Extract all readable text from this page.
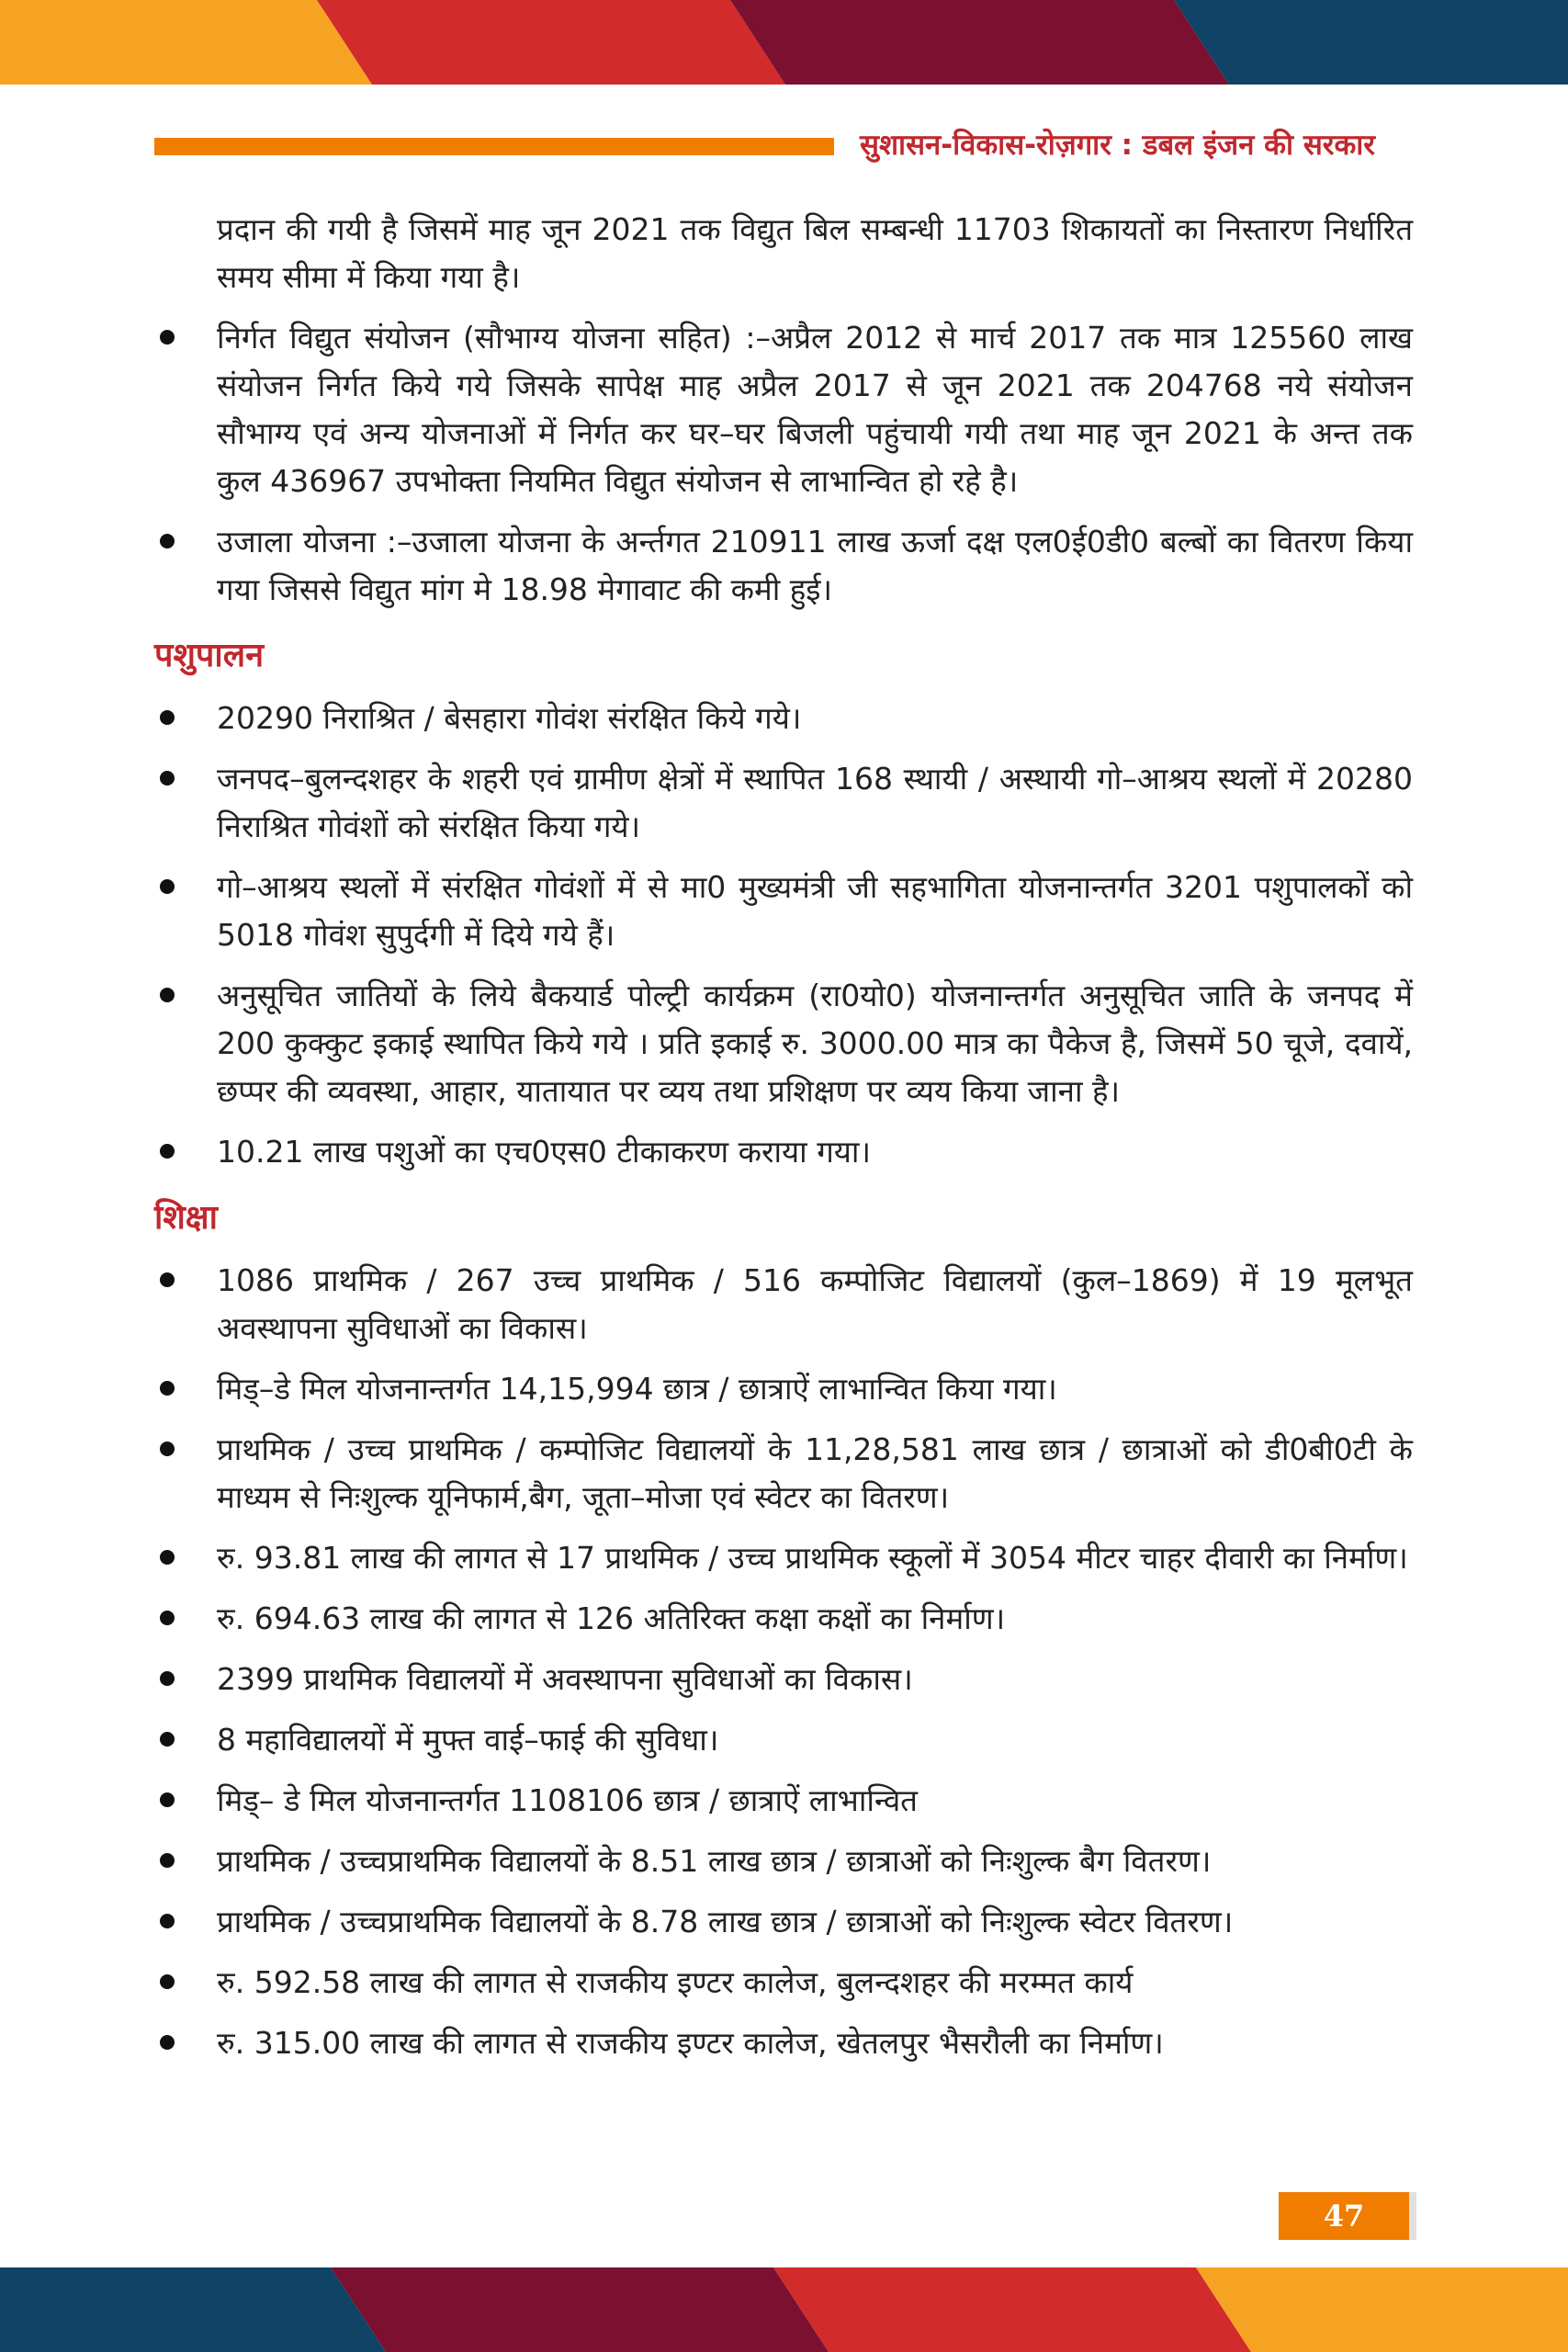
सुशासन-विकास-रोज़गार : डबल इंजन की सरकार

प्रदान की गयी है जिसमें माह जून 2021 तक विद्युत बिल सम्बन्धी 11703 शिकायतों का निस्तारण निर्धारित समय सीमा में किया गया है।

निर्गत विद्युत संयोजन (सौभाग्य योजना सहित) :–अप्रैल 2012 से मार्च 2017 तक मात्र 125560 लाख संयोजन निर्गत किये गये जिसके सापेक्ष माह अप्रैल 2017 से जून 2021 तक 204768 नये संयोजन सौभाग्य एवं अन्य योजनाओं में निर्गत कर घर–घर बिजली पहुंचायी गयी तथा माह जून 2021 के अन्त तक कुल 436967 उपभोक्ता नियमित विद्युत संयोजन से लाभान्वित हो रहे है।
उजाला योजना :–उजाला योजना के अर्न्तगत 210911 लाख ऊर्जा दक्ष एल0ई0डी0 बल्बों का वितरण किया गया जिससे विद्युत मांग मे 18.98 मेगावाट की कमी हुई।
पशुपालन
20290 निराश्रित / बेसहारा गोवंश संरक्षित किये गये।
जनपद–बुलन्दशहर के शहरी एवं ग्रामीण क्षेत्रों में स्थापित 168 स्थायी / अस्थायी गो–आश्रय स्थलों में 20280 निराश्रित गोवंशों को संरक्षित किया गये।
गो–आश्रय स्थलों में संरक्षित गोवंशों में से मा0 मुख्यमंत्री जी सहभागिता योजनान्तर्गत 3201 पशुपालकों को 5018 गोवंश सुपुर्दगी में दिये गये हैं।
अनुसूचित जातियों के लिये बैकयार्ड पोल्ट्री कार्यक्रम (रा0यो0) योजनान्तर्गत अनुसूचित जाति के जनपद में 200 कुक्कुट इकाई स्थापित किये गये । प्रति इकाई रु. 3000.00 मात्र का पैकेज है, जिसमें 50 चूजे, दवायें, छप्पर की व्यवस्था, आहार, यातायात पर व्यय तथा प्रशिक्षण पर व्यय किया जाना है।
10.21 लाख पशुओं का एच0एस0 टीकाकरण कराया गया।
शिक्षा
1086 प्राथमिक / 267 उच्च प्राथमिक / 516 कम्पोजिट विद्यालयों (कुल–1869) में 19 मूलभूत अवस्थापना सुविधाओं का विकास।
मिड्–डे मिल योजनान्तर्गत 14,15,994 छात्र / छात्राऐं लाभान्वित किया गया।
प्राथमिक / उच्च प्राथमिक / कम्पोजिट विद्यालयों के 11,28,581 लाख छात्र / छात्राओं को डी0बी0टी के माध्यम से निःशुल्क यूनिफार्म,बैग, जूता–मोजा एवं स्वेटर का वितरण।
रु. 93.81 लाख की लागत से 17 प्राथमिक / उच्च प्राथमिक स्कूलों में 3054 मीटर चाहर दीवारी का निर्माण।
रु. 694.63 लाख की लागत से 126 अतिरिक्त कक्षा कक्षों का निर्माण।
2399 प्राथमिक विद्यालयों में अवस्थापना सुविधाओं का विकास।
8 महाविद्यालयों में मुफ्त वाई–फाई की सुविधा।
मिड्– डे मिल योजनान्तर्गत 1108106 छात्र / छात्राऐं लाभान्वित
प्राथमिक / उच्चप्राथमिक विद्यालयों के 8.51 लाख छात्र / छात्राओं को निःशुल्क बैग वितरण।
प्राथमिक / उच्चप्राथमिक विद्यालयों के 8.78 लाख छात्र / छात्राओं को निःशुल्क स्वेटर वितरण।
रु. 592.58 लाख की लागत से राजकीय इण्टर कालेज, बुलन्दशहर की मरम्मत कार्य
रु. 315.00 लाख की लागत से राजकीय इण्टर कालेज, खेतलपुर भैसरौली का निर्माण।
47
